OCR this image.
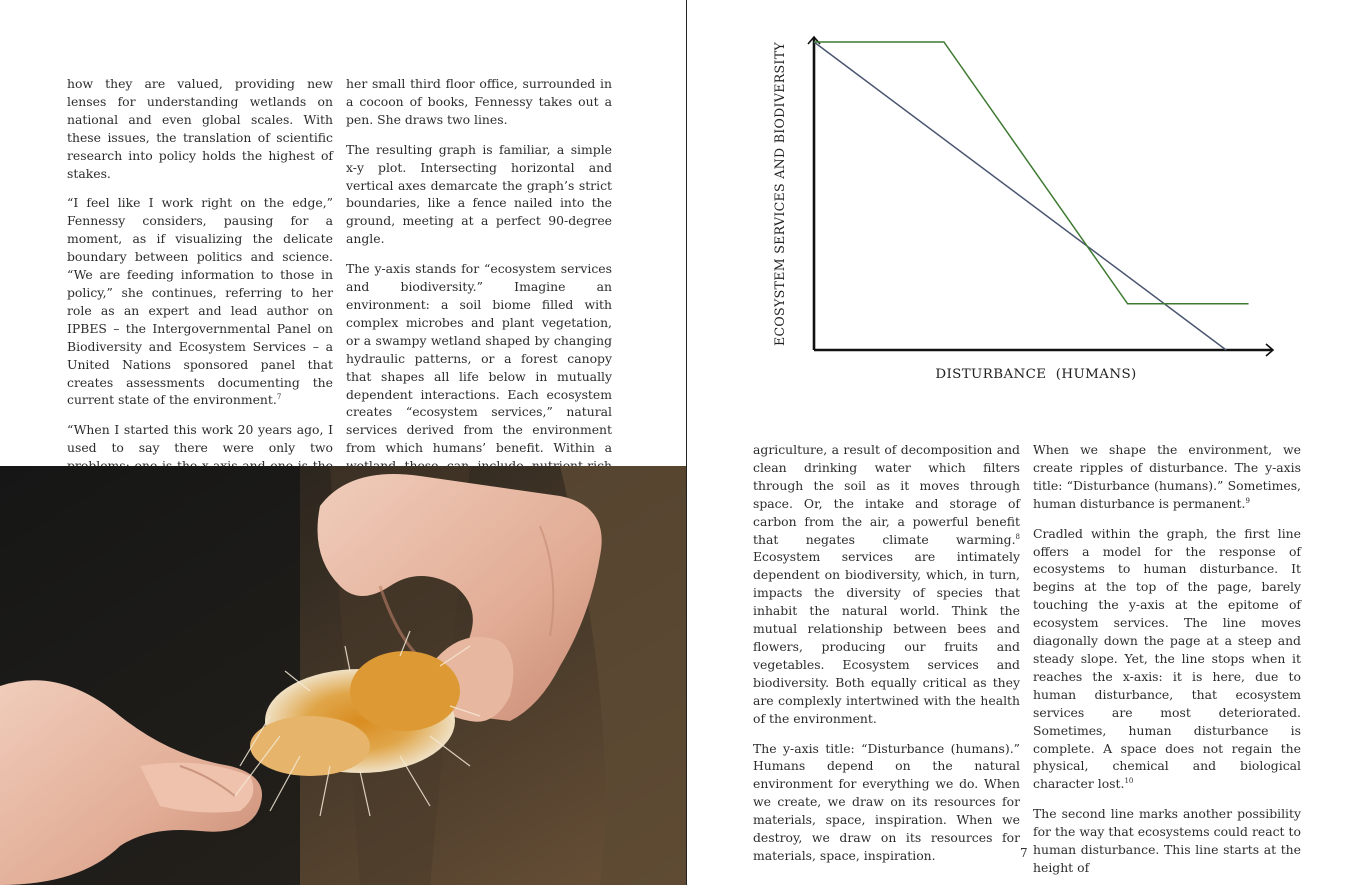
how they are valued, providing new lenses for understanding wetlands on national and even global scales. With these issues, the translation of scientific research into policy holds the highest of stakes.

“I feel like I work right on the edge,” Fennessy considers, pausing for a moment, as if visualizing the delicate boundary between politics and science. “We are feeding information to those in policy,” she continues, referring to her role as an expert and lead author on IPBES – the Intergovernmental Panel on Biodiversity and Ecosystem Services – a United Nations sponsored panel that creates assessments documenting the current state of the environment.$^7$

“When I started this work 20 years ago, I used to say there were only two

her small third floor office, surrounded in a cocoon of books, Fennessy takes out a pen. She draws two lines.

The resulting graph is familiar, a simple x-y plot. Intersecting horizontal and vertical axes demarcate the graph’s strict boundaries, like a fence nailed into the ground, meeting at a perfect 90-degree angle.

The y-axis stands for “ecosystem services and biodiversity.” Imagine an environment: a soil biome filled with complex microbes and plant vegetation, or a swampy wetland shaped by changing hydraulic patterns, or a forest canopy that shapes all life below in mutually dependent interactions. Each ecosystem creates “ecosystem services,” natural services derived from the environment from which humans’ benefit. Within a

ECOSYSTEM SERVICES AND BIODIVERSITY
DISTURBANCE  (HUMANS)

agriculture, a result of decomposition and clean drinking water which filters through the soil as it moves through space. Or, the intake and storage of carbon from the air, a powerful benefit that negates climate warming.$^8$ Ecosystem services are intimately dependent on biodiversity, which, in turn, impacts the diversity of species that inhabit the natural world. Think the mutual relationship between bees and flowers, producing our fruits and vegetables. Ecosystem services and biodiversity. Both equally critical as they are complexly intertwined with the health of the environment.

The y-axis title: “Disturbance (humans).” Humans depend on the natural environment for everything we do. When we create, we draw on its resources for materials, space, inspiration. When we destroy, we draw on its resources for materials, space, inspiration.

When we shape the environment, we create ripples of disturbance. The y-axis title: “Disturbance (humans).” Sometimes, human disturbance is permanent.$^9$

Cradled within the graph, the first line offers a model for the response of ecosystems to human disturbance. It begins at the top of the page, barely touching the y-axis at the epitome of ecosystem services. The line moves diagonally down the page at a steep and steady slope. Yet, the line stops when it reaches the x-axis: it is here, due to human disturbance, that ecosystem services are most deteriorated. Sometimes, human disturbance is complete. A space does not regain the physical, chemical and biological character lost.$^{10}$

The second line marks another possibility for the way that ecosystems could react to human disturbance. This line starts at the height of

7
